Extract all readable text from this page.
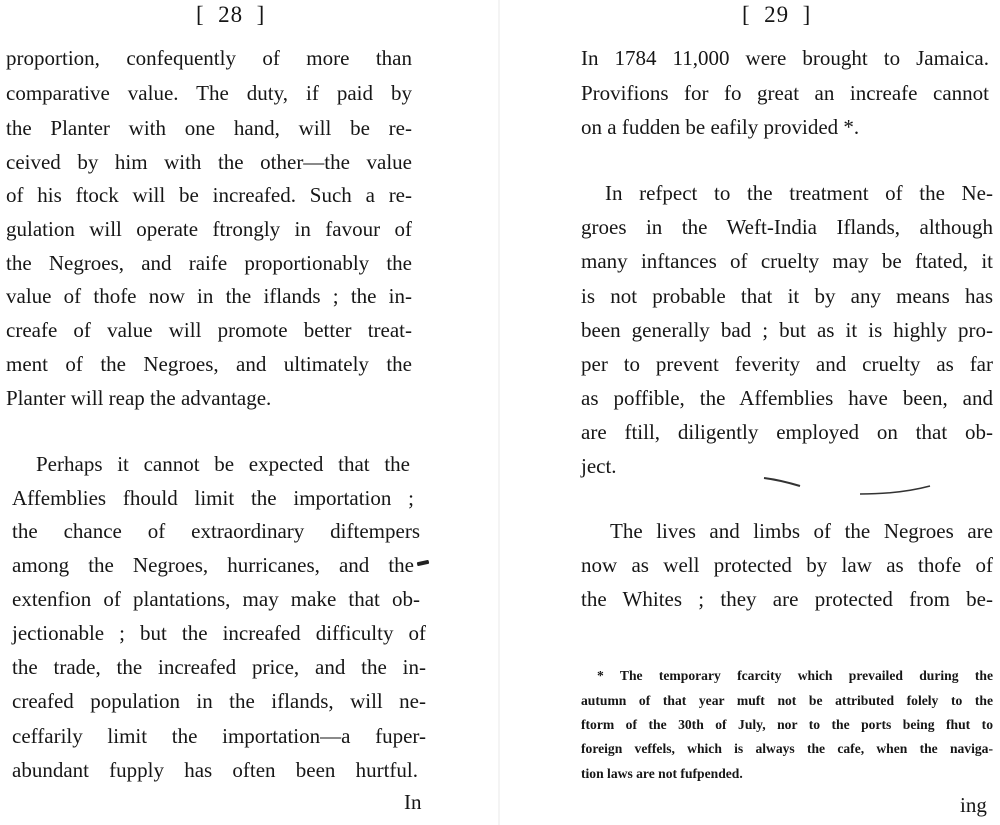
[  28  ]
proportion, confequently of more than
comparative value. The duty, if paid by
the Planter with one hand, will be re-
ceived by him with the other—the value
of his ftock will be increafed. Such a re-
gulation will operate ftrongly in favour of
the Negroes, and raife proportionably the
value of thofe now in the iflands ; the in-
creafe of value will promote better treat-
ment of the Negroes, and ultimately the
Planter will reap the advantage.
Perhaps it cannot be expected that the
Affemblies fhould limit the importation ;
the chance of extraordinary diftempers
among the Negroes, hurricanes, and the
extenfion of plantations, may make that ob-
jectionable ; but the increafed difficulty of
the trade, the increafed price, and the in-
creafed population in the iflands, will ne-
ceffarily limit the importation—a fuper-
abundant fupply has often been hurtful.
In
[  29  ]
In 1784 11,000 were brought to Jamaica.
Provifions for fo great an increafe cannot
on a fudden be eafily provided *.
In refpect to the treatment of the Ne-
groes in the Weft-India Iflands, although
many inftances of cruelty may be ftated, it
is not probable that it by any means has
been generally bad ; but as it is highly pro-
per to prevent feverity and cruelty as far
as poffible, the Affemblies have been, and
are ftill, diligently employed on that ob-
ject.
The lives and limbs of the Negroes are
now as well protected by law as thofe of
the Whites ; they are protected from be-
* The temporary fcarcity which prevailed during the
autumn of that year muft not be attributed folely to the
ftorm of the 30th of July, nor to the ports being fhut to
foreign veffels, which is always the cafe, when the naviga-
tion laws are not fufpended.
ing
